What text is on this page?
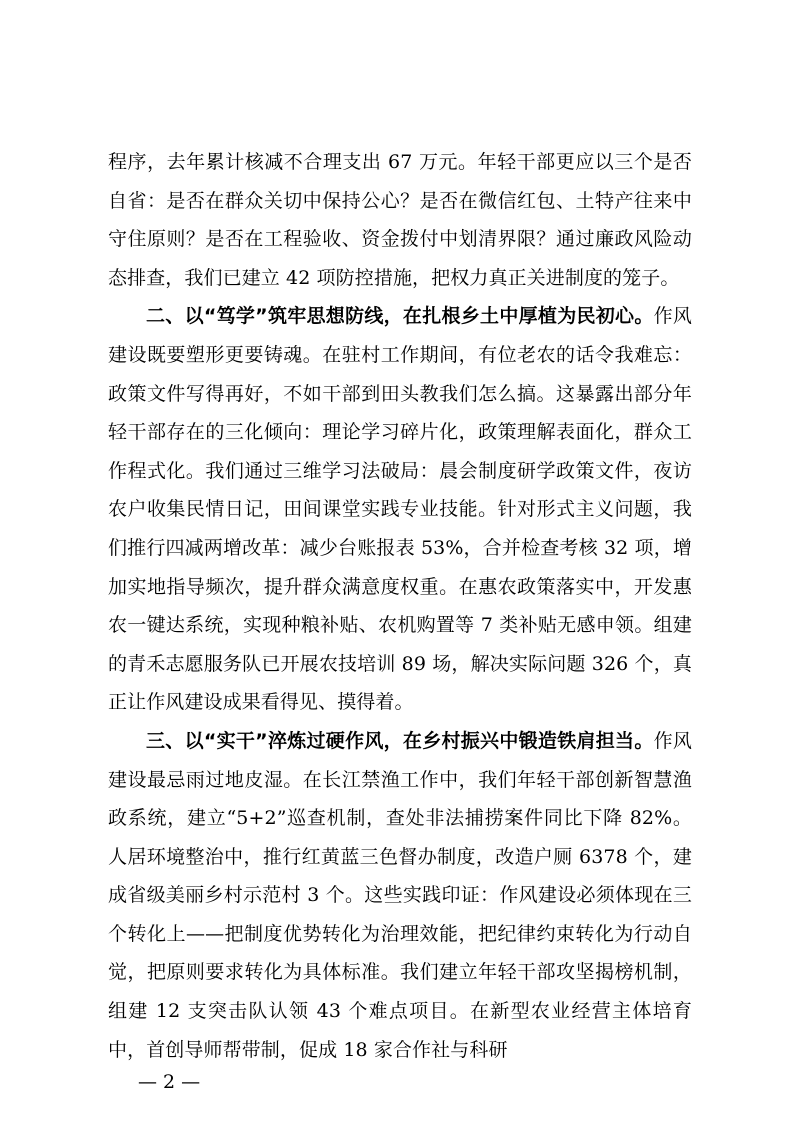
程序，去年累计核减不合理支出 67 万元。年轻干部更应以三个是否自省：是否在群众关切中保持公心？是否在微信红包、土特产往来中守住原则？是否在工程验收、资金拨付中划清界限？通过廉政风险动态排查，我们已建立 42 项防控措施，把权力真正关进制度的笼子。

二、以“笃学”筑牢思想防线，在扎根乡土中厚植为民初心。作风建设既要塑形更要铸魂。在驻村工作期间，有位老农的话令我难忘：政策文件写得再好，不如干部到田头教我们怎么搞。这暴露出部分年轻干部存在的三化倾向：理论学习碎片化，政策理解表面化，群众工作程式化。我们通过三维学习法破局：晨会制度研学政策文件，夜访农户收集民情日记，田间课堂实践专业技能。针对形式主义问题，我们推行四减两增改革：减少台账报表 53%，合并检查考核 32 项，增加实地指导频次，提升群众满意度权重。在惠农政策落实中，开发惠农一键达系统，实现种粮补贴、农机购置等 7 类补贴无感申领。组建的青禾志愿服务队已开展农技培训 89 场，解决实际问题 326 个，真正让作风建设成果看得见、摸得着。

三、以“实干”淬炼过硬作风，在乡村振兴中锻造铁肩担当。作风建设最忌雨过地皮湿。在长江禁渔工作中，我们年轻干部创新智慧渔政系统，建立“5+2”巡查机制，查处非法捕捞案件同比下降 82%。人居环境整治中，推行红黄蓝三色督办制度，改造户厕 6378 个，建成省级美丽乡村示范村 3 个。这些实践印证：作风建设必须体现在三个转化上——把制度优势转化为治理效能，把纪律约束转化为行动自觉，把原则要求转化为具体标准。我们建立年轻干部攻坚揭榜机制，组建 12 支突击队认领 43 个难点项目。在新型农业经营主体培育中，首创导师帮带制，促成 18 家合作社与科研

— 2 —
